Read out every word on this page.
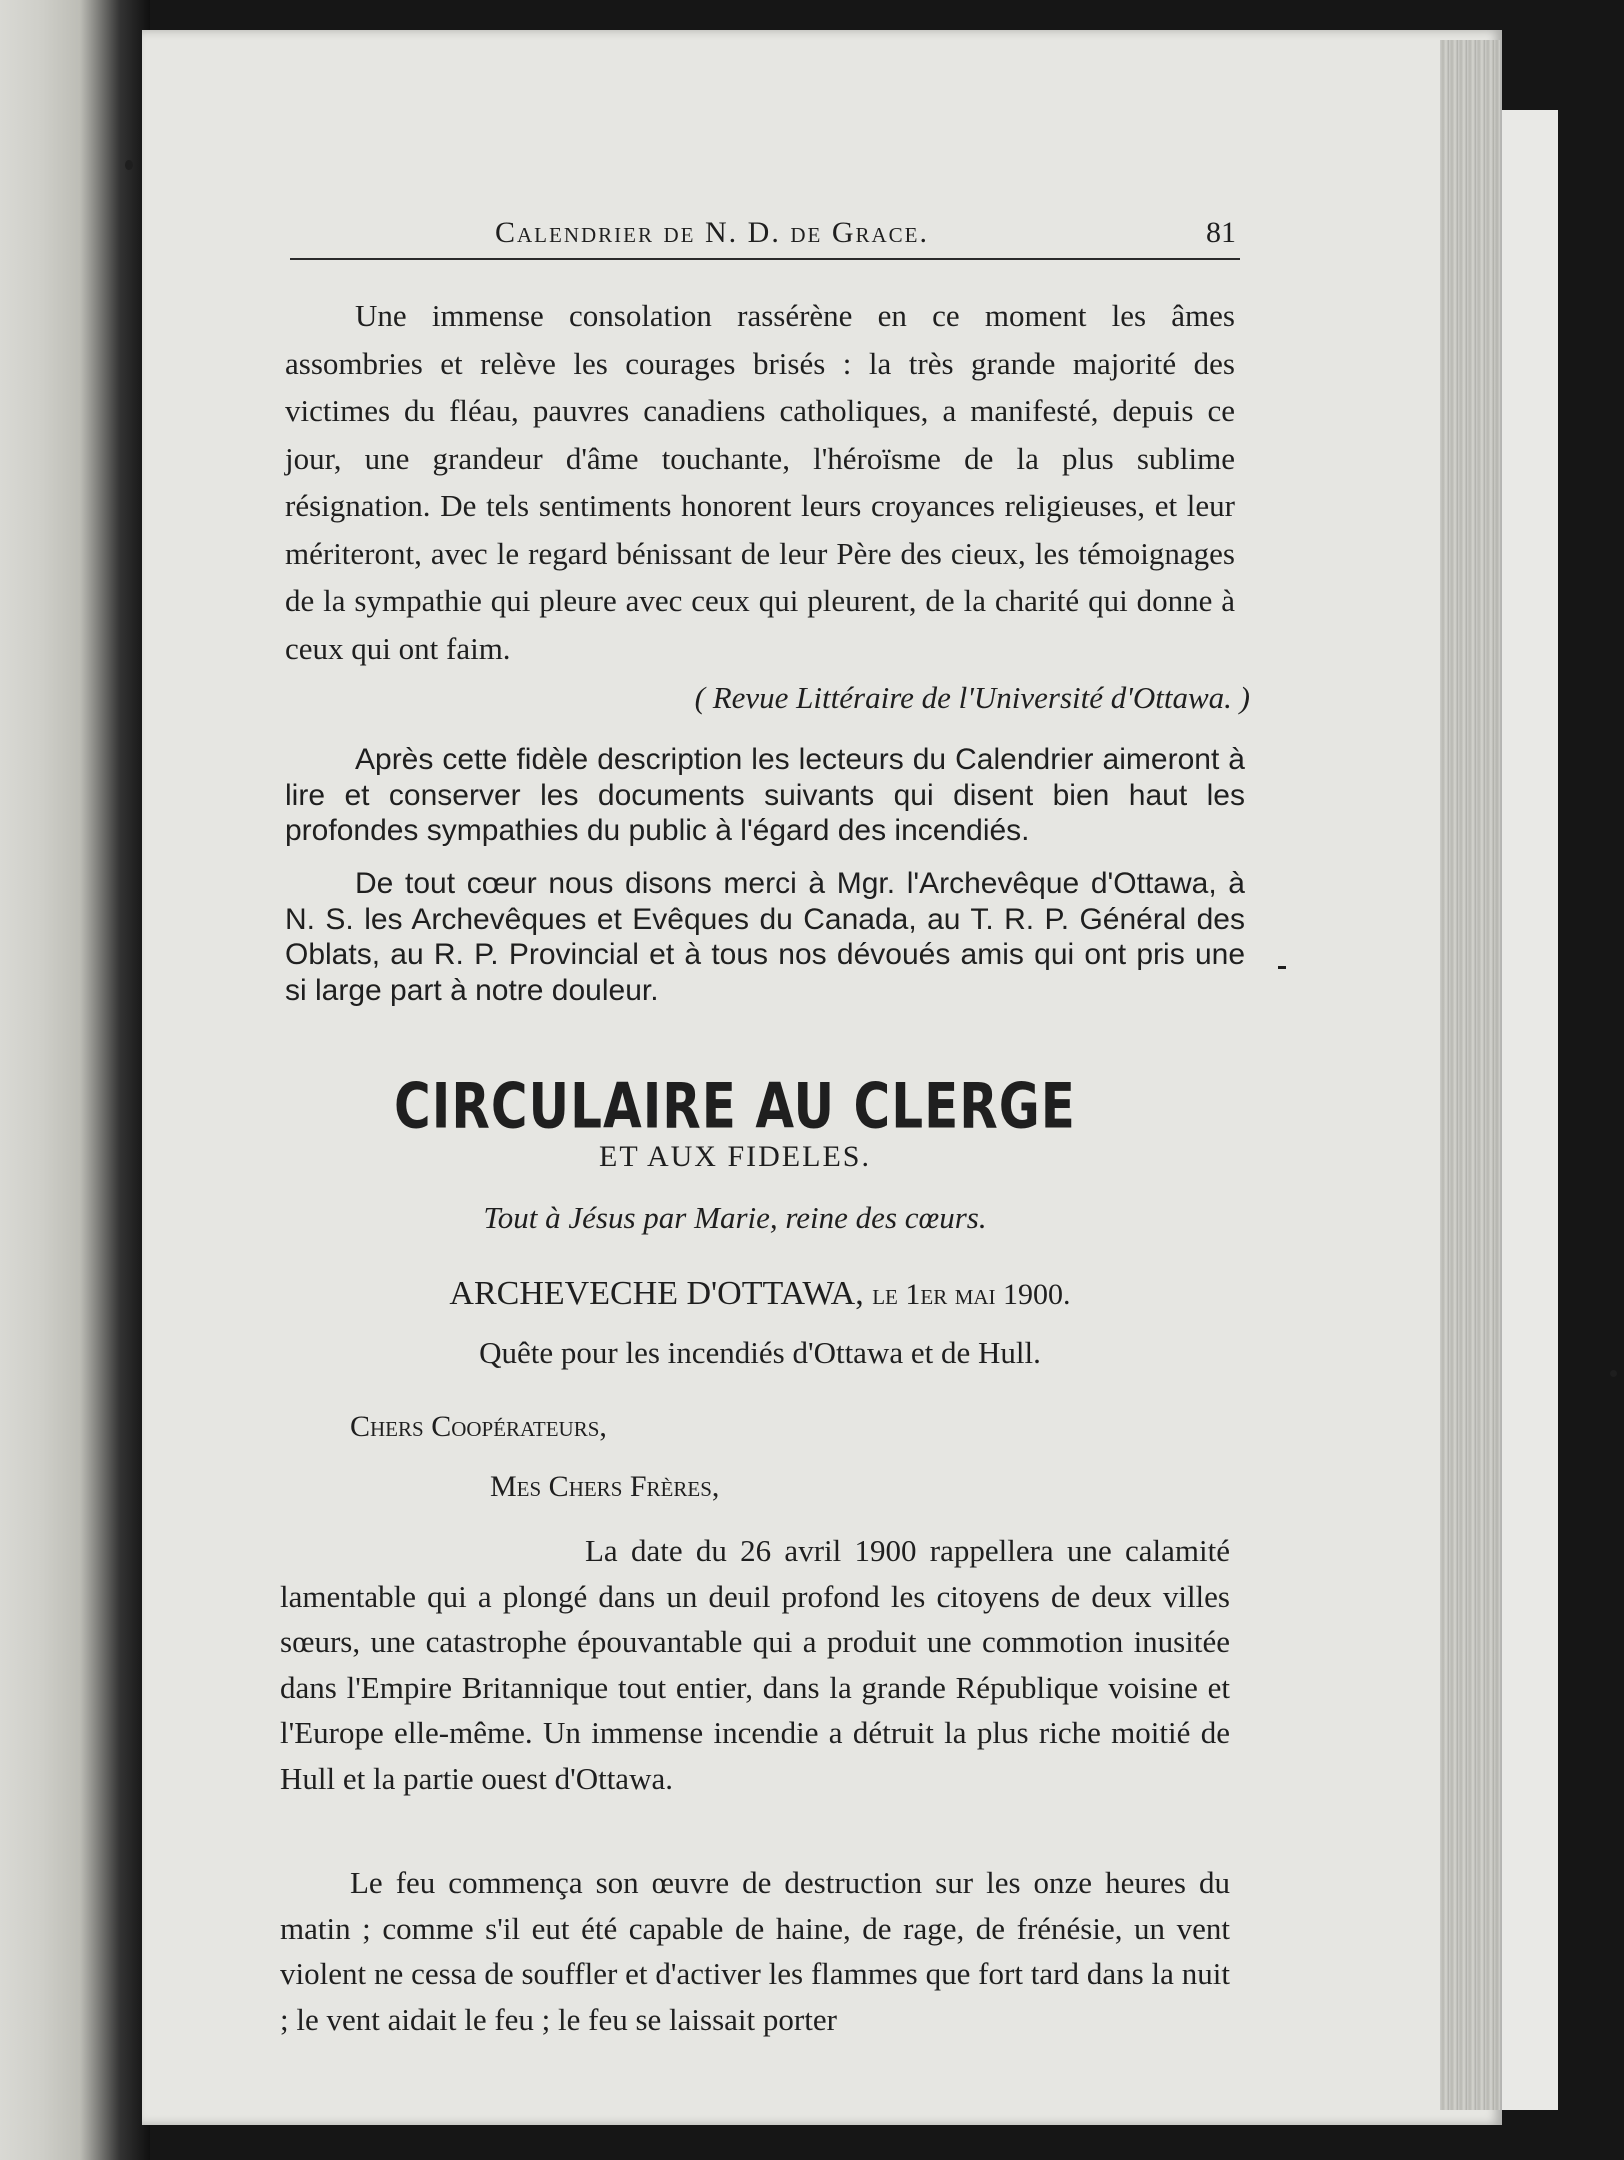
Calendrier de N. D. de Grace.	81

Une immense consolation rassérène en ce moment les âmes assombries et relève les courages brisés : la très grande majorité des victimes du fléau, pauvres canadiens catholiques, a manifesté, depuis ce jour, une grandeur d'âme touchante, l'héroïsme de la plus sublime résignation. De tels sentiments honorent leurs croyances religieuses, et leur mériteront, avec le regard bénissant de leur Père des cieux, les témoignages de la sympathie qui pleure avec ceux qui pleurent, de la charité qui donne à ceux qui ont faim.

( Revue Littéraire de l'Université d'Ottawa. )

Après cette fidèle description les lecteurs du Calendrier aimeront à lire et conserver les documents suivants qui disent bien haut les profondes sympathies du public à l'égard des incendiés.

De tout cœur nous disons merci à Mgr. l'Archevêque d'Ottawa, à N. S. les Archevêques et Evêques du Canada, au T. R. P. Général des Oblats, au R. P. Provincial et à tous nos dévoués amis qui ont pris une si large part à notre douleur.

CIRCULAIRE AU CLERGE
ET AUX FIDELES.
Tout à Jésus par Marie, reine des cœurs.
ARCHEVECHE D'OTTAWA, le 1er mai 1900.
Quête pour les incendiés d'Ottawa et de Hull.
Chers Coopérateurs,
Mes Chers Frères,

La date du 26 avril 1900 rappellera une calamité lamentable qui a plongé dans un deuil profond les citoyens de deux villes sœurs, une catastrophe épouvantable qui a produit une commotion inusitée dans l'Empire Britannique tout entier, dans la grande République voisine et l'Europe elle-même. Un immense incendie a détruit la plus riche moitié de Hull et la partie ouest d'Ottawa.

Le feu commença son œuvre de destruction sur les onze heures du matin ; comme s'il eut été capable de haine, de rage, de frénésie, un vent violent ne cessa de souffler et d'activer les flammes que fort tard dans la nuit ; le vent aidait le feu ; le feu se laissait porter
